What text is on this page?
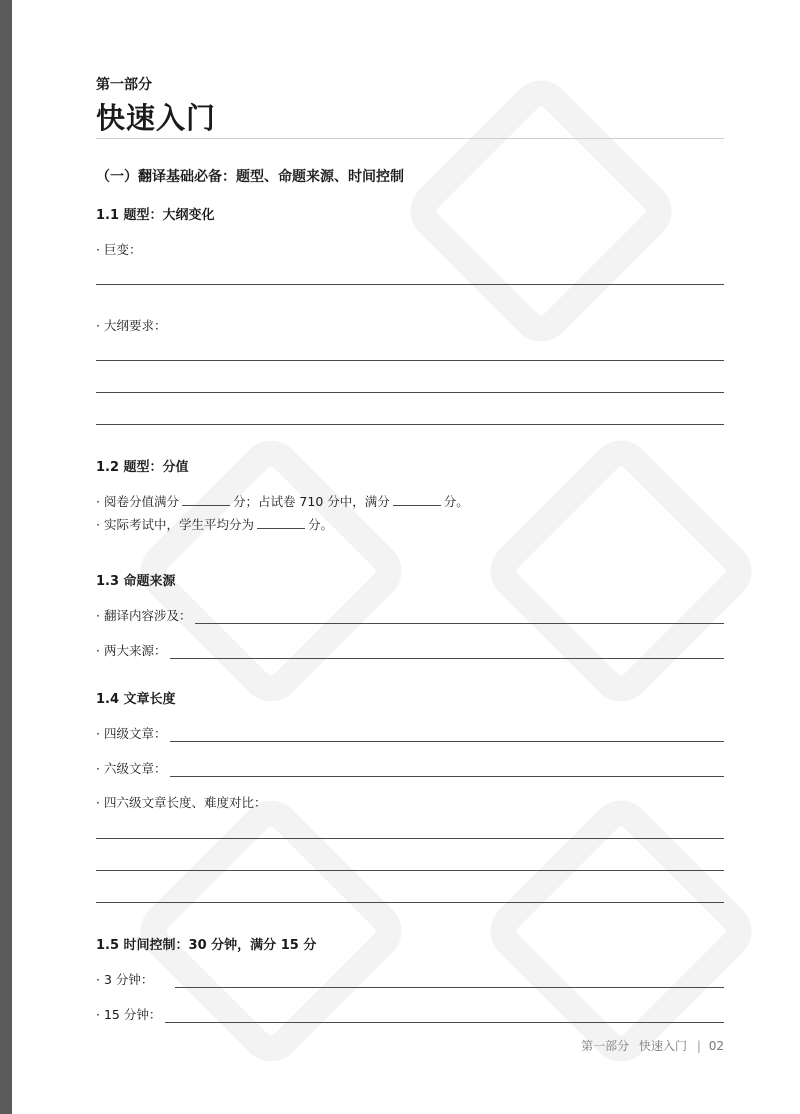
第一部分
快速入门
（一）翻译基础必备：题型、命题来源、时间控制
1.1 题型：大纲变化
· 巨变：
· 大纲要求：
1.2 题型：分值
· 阅卷分值满分	分；占试卷 710 分中，满分	分。
· 实际考试中，学生平均分为	分。
1.3 命题来源
· 翻译内容涉及：
· 两大来源：
1.4 文章长度
· 四级文章：
· 六级文章：
· 四六级文章长度、难度对比：
1.5 时间控制：30 分钟，满分 15 分
· 3 分钟：
· 15 分钟：
第一部分 快速入门 | 02
